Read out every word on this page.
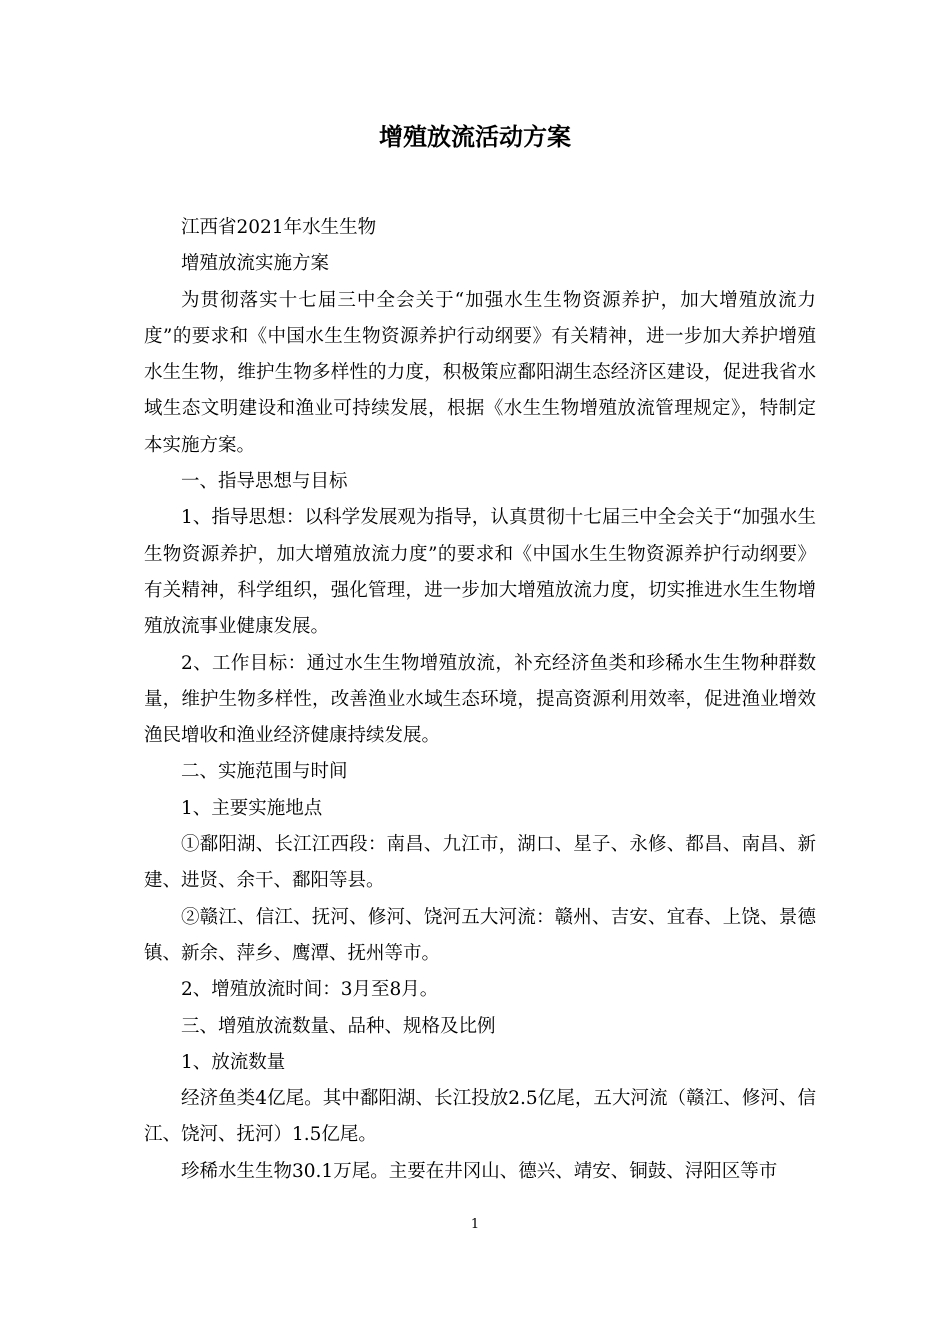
增殖放流活动方案

江西省2021年水生生物

增殖放流实施方案

为贯彻落实十七届三中全会关于“加强水生生物资源养护，加大增殖放流力度”的要求和《中国水生生物资源养护行动纲要》有关精神，进一步加大养护增殖水生生物，维护生物多样性的力度，积极策应鄱阳湖生态经济区建设，促进我省水域生态文明建设和渔业可持续发展，根据《水生生物增殖放流管理规定》，特制定本实施方案。

一、指导思想与目标

1、指导思想：以科学发展观为指导，认真贯彻十七届三中全会关于“加强水生生物资源养护，加大增殖放流力度”的要求和《中国水生生物资源养护行动纲要》有关精神，科学组织，强化管理，进一步加大增殖放流力度，切实推进水生生物增殖放流事业健康发展。

2、工作目标：通过水生生物增殖放流，补充经济鱼类和珍稀水生生物种群数量，维护生物多样性，改善渔业水域生态环境，提高资源利用效率，促进渔业增效渔民增收和渔业经济健康持续发展。

二、实施范围与时间

1、主要实施地点

①鄱阳湖、长江江西段：南昌、九江市，湖口、星子、永修、都昌、南昌、新建、进贤、余干、鄱阳等县。

②赣江、信江、抚河、修河、饶河五大河流：赣州、吉安、宜春、上饶、景德镇、新余、萍乡、鹰潭、抚州等市。

2、增殖放流时间：3月至8月。

三、增殖放流数量、品种、规格及比例

1、放流数量

经济鱼类4亿尾。其中鄱阳湖、长江投放2.5亿尾，五大河流（赣江、修河、信江、饶河、抚河）1.5亿尾。

珍稀水生生物30.1万尾。主要在井冈山、德兴、靖安、铜鼓、浔阳区等市

1
